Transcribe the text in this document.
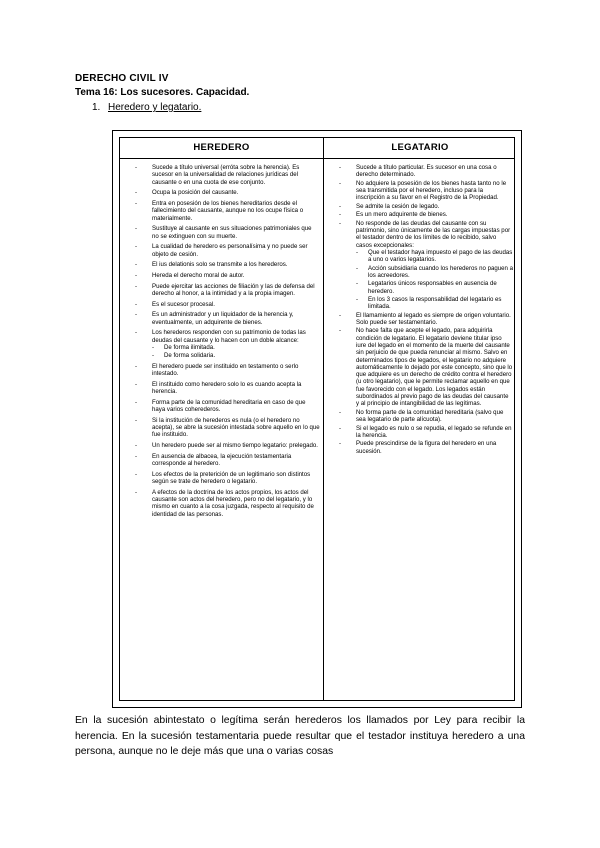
DERECHO CIVIL IV
Tema 16: Los sucesores. Capacidad.
1. Heredero y legatario.
HEREDERO	LEGATARIO
- Sucede a título universal (erróta sobre la herencia). Es sucesor en la universalidad de relaciones jurídicas del causante o en una cuota de ese conjunto.
- Ocupa la posición del causante.
- Entra en posesión de los bienes hereditarios desde el fallecimiento del causante, aunque no los ocupe física o materialmente.
- Sustituye al causante en sus situaciones patrimoniales que no se extinguen con su muerte.
- La cualidad de heredero es personalísima y no puede ser objeto de cesión.
- El ius delationis solo se transmite a los herederos.
- Hereda el derecho moral de autor.
- Puede ejercitar las acciones de filiación y las de defensa del derecho al honor, a la intimidad y a la propia imagen.
- Es el sucesor procesal.
- Es un administrador y un liquidador de la herencia y, eventualmente, un adquirente de bienes.
- Los herederos responden con su patrimonio de todas las deudas del causante y lo hacen con un doble alcance:
- De forma ilimitada.
- De forma solidaria.
- El heredero puede ser instituido en testamento o serlo intestado.
- El instituido como heredero solo lo es cuando acepta la herencia.
- Forma parte de la comunidad hereditaria en caso de que haya varios coherederos.
- Si la institución de herederos es nula (o el heredero no acepta), se abre la sucesión intestada sobre aquello en lo que fue instituido.
- Un heredero puede ser al mismo tiempo legatario: prelegado.
- En ausencia de albacea, la ejecución testamentaria corresponde al heredero.
- Los efectos de la preterición de un legitimario son distintos según se trate de heredero o legatario.
- A efectos de la doctrina de los actos propios, los actos del causante son actos del heredero, pero no del legatario, y lo mismo en cuanto a la cosa juzgada, respecto al requisito de identidad de las personas.
- Sucede a título particular. Es sucesor en una cosa o derecho determinado.
- No adquiere la posesión de los bienes hasta tanto no le sea transmitida por el heredero, incluso para la inscripción a su favor en el Registro de la Propiedad.
- Se admite la cesión de legado.
- Es un mero adquirente de bienes.
- No responde de las deudas del causante con su patrimonio, sino únicamente de las cargas impuestas por el testador dentro de los límites de lo recibido, salvo casos excepcionales:
- Que el testador haya impuesto el pago de las deudas a uno o varios legatarios.
- Acción subsidiaria cuando los herederos no paguen a los acreedores.
- Legatarios únicos responsables en ausencia de heredero.
- En los 3 casos la responsabilidad del legatario es limitada.
- El llamamiento al legado es siempre de origen voluntario. Solo puede ser testamentario.
- No hace falta que acepte el legado, para adquirirla condición de legatario. El legatario deviene titular ipso iure del legado en el momento de la muerte del causante sin perjuicio de que pueda renunciar al mismo. Salvo en determinados tipos de legados, el legatario no adquiere automáticamente lo dejado por este concepto, sino que lo que adquiere es un derecho de crédito contra el heredero (u otro legatario), que le permite reclamar aquello en que fue favorecido con el legado. Los legados están subordinados al previo pago de las deudas del causante y al principio de intangibilidad de las legítimas.
- No forma parte de la comunidad hereditaria (salvo que sea legatario de parte alícuota).
- Si el legado es nulo o se repudia, el legado se refunde en la herencia.
- Puede prescindirse de la figura del heredero en una sucesión.
En la sucesión abintestato o legítima serán herederos los llamados por Ley para recibir la herencia. En la sucesión testamentaria puede resultar que el testador instituya heredero a una persona, aunque no le deje más que una o varias cosas
